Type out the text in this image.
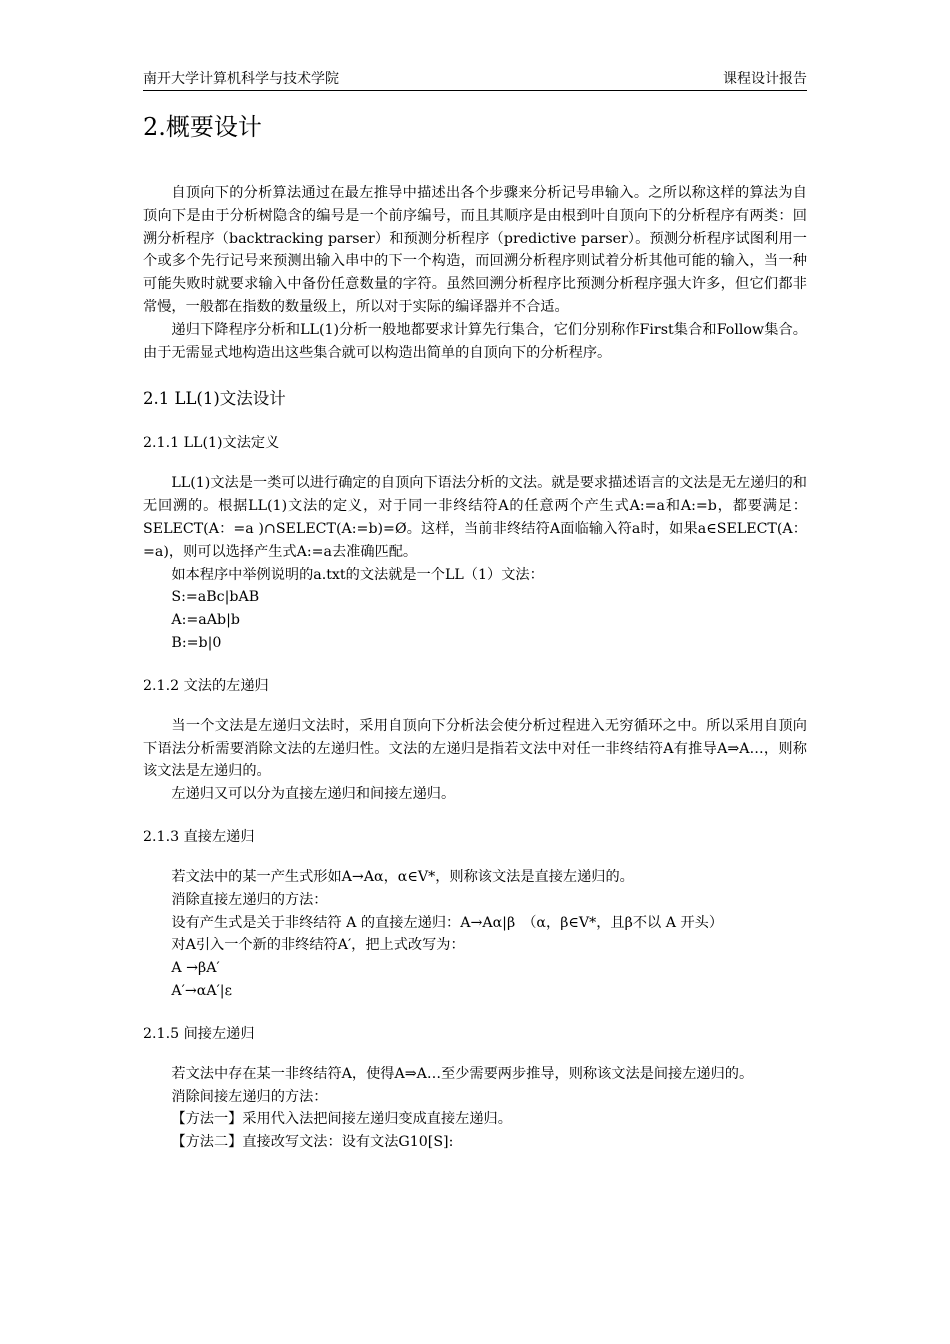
南开大学计算机科学与技术学院	课程设计报告
2.概要设计

自顶向下的分析算法通过在最左推导中描述出各个步骤来分析记号串输入。之所以称这样的算法为自顶向下是由于分析树隐含的编号是一个前序编号，而且其顺序是由根到叶自顶向下的分析程序有两类：回溯分析程序（backtracking parser）和预测分析程序（predictive parser）。预测分析程序试图利用一个或多个先行记号来预测出输入串中的下一个构造，而回溯分析程序则试着分析其他可能的输入，当一种可能失败时就要求输入中备份任意数量的字符。虽然回溯分析程序比预测分析程序强大许多，但它们都非常慢，一般都在指数的数量级上，所以对于实际的编译器并不合适。

递归下降程序分析和LL(1)分析一般地都要求计算先行集合，它们分别称作First集合和Follow集合。由于无需显式地构造出这些集合就可以构造出简单的自顶向下的分析程序。

2.1 LL(1)文法设计
2.1.1 LL(1)文法定义

LL(1)文法是一类可以进行确定的自顶向下语法分析的文法。就是要求描述语言的文法是无左递归的和无回溯的。根据LL(1)文法的定义，对于同一非终结符A的任意两个产生式A:=a和A:=b，都要满足：SELECT(A：=a )∩SELECT(A:=b)=Ø。这样，当前非终结符A面临输入符a时，如果a∈SELECT(A：=a)，则可以选择产生式A:=a去准确匹配。

如本程序中举例说明的a.txt的文法就是一个LL（1）文法：

S:=aBc|bAB

A:=aAb|b

B:=b|0

2.1.2 文法的左递归

当一个文法是左递归文法时，采用自顶向下分析法会使分析过程进入无穷循环之中。所以采用自顶向下语法分析需要消除文法的左递归性。文法的左递归是指若文法中对任一非终结符A有推导A⇒A…，则称该文法是左递归的。

左递归又可以分为直接左递归和间接左递归。

2.1.3 直接左递归

若文法中的某一产生式形如A→Aα，α∈V*，则称该文法是直接左递归的。

消除直接左递归的方法：

设有产生式是关于非终结符 A 的直接左递归：A→Aα|β　（α，β∈V*，且β不以 A 开头）

对A引入一个新的非终结符A′，把上式改写为：

A →βA′

A′→αA′|ε

2.1.5 间接左递归

若文法中存在某一非终结符A，使得A⇒A…至少需要两步推导，则称该文法是间接左递归的。

消除间接左递归的方法：

【方法一】采用代入法把间接左递归变成直接左递归。

【方法二】直接改写文法：设有文法G10[S]:
